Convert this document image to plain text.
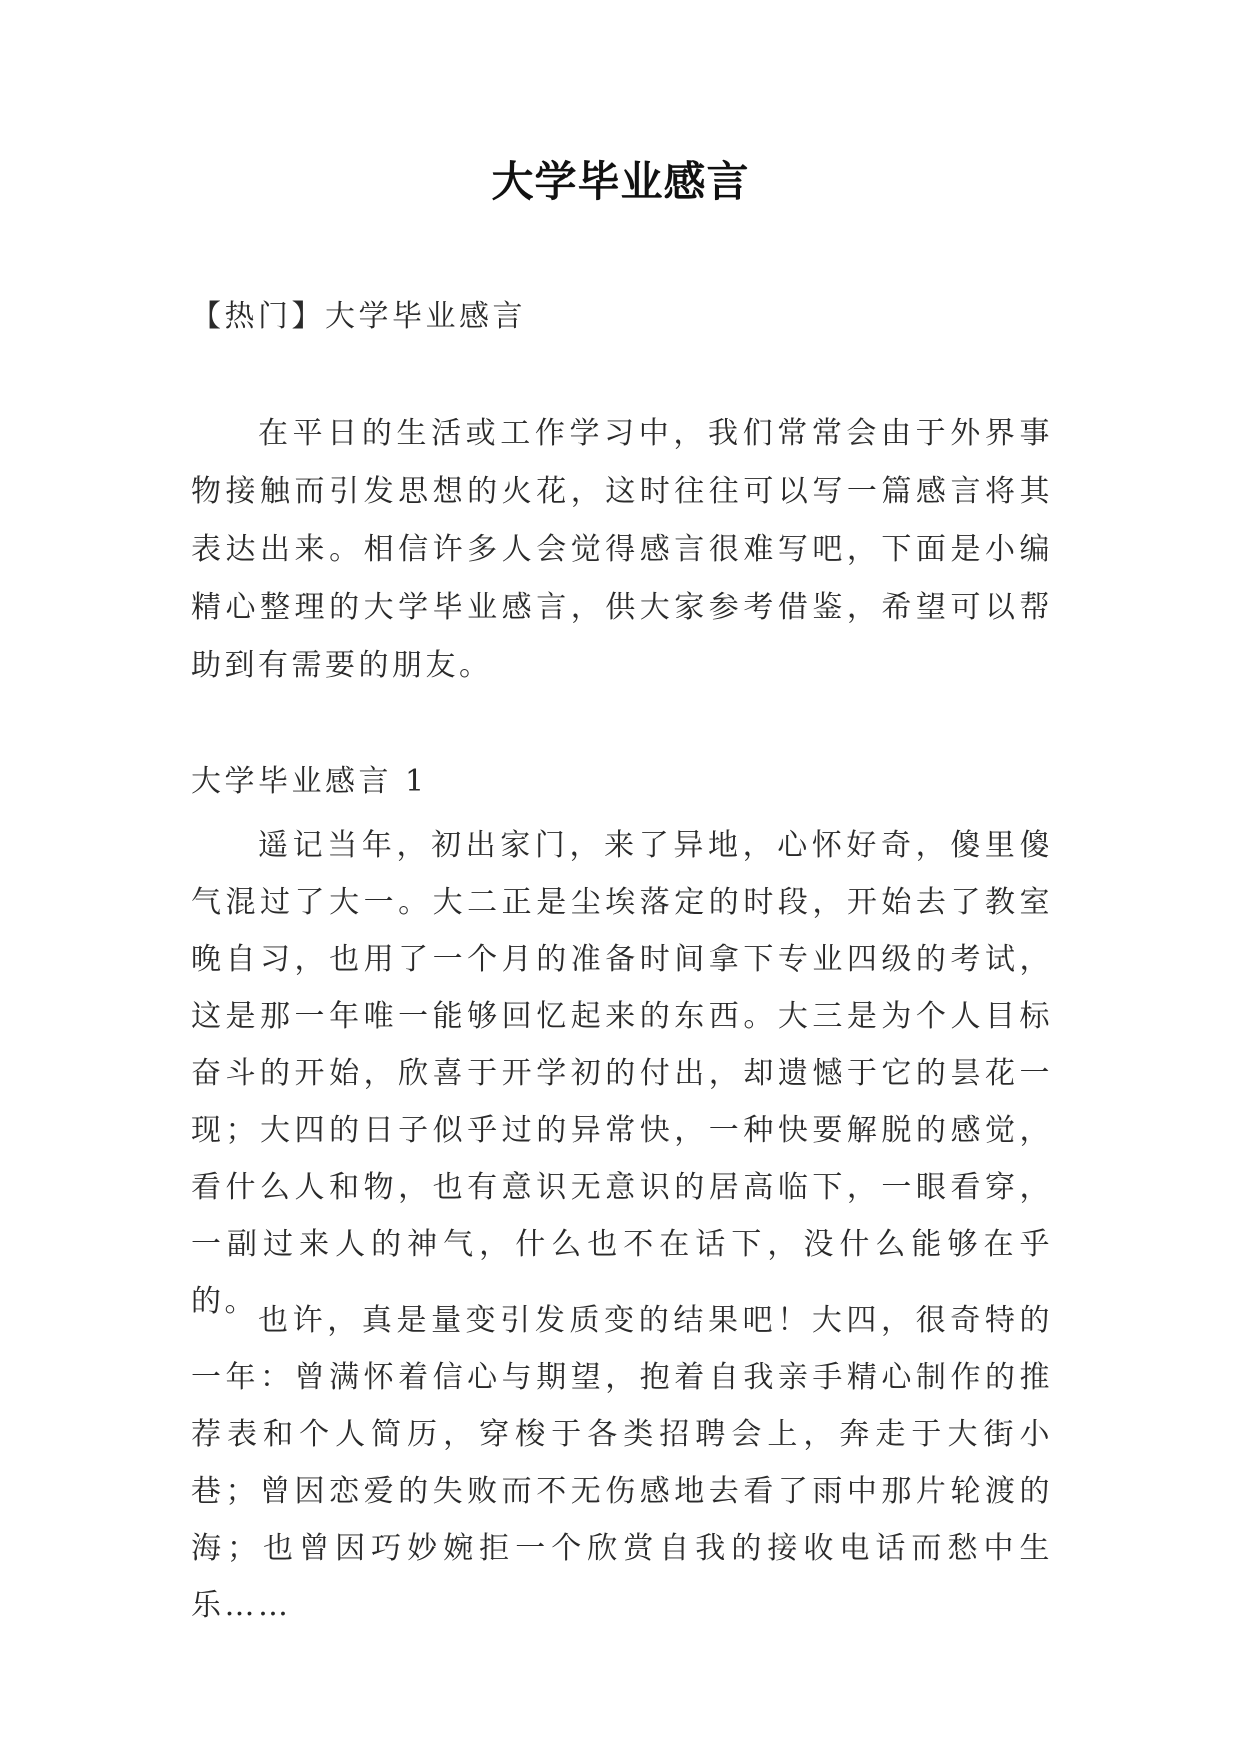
大学毕业感言

【热门】大学毕业感言

在平日的生活或工作学习中，我们常常会由于外界事物接触而引发思想的火花，这时往往可以写一篇感言将其表达出来。相信许多人会觉得感言很难写吧，下面是小编精心整理的大学毕业感言，供大家参考借鉴，希望可以帮助到有需要的朋友。

大学毕业感言 1

遥记当年，初出家门，来了异地，心怀好奇，傻里傻气混过了大一。大二正是尘埃落定的时段，开始去了教室晚自习，也用了一个月的准备时间拿下专业四级的考试，这是那一年唯一能够回忆起来的东西。大三是为个人目标奋斗的开始，欣喜于开学初的付出，却遗憾于它的昙花一现；大四的日子似乎过的异常快，一种快要解脱的感觉，看什么人和物，也有意识无意识的居高临下，一眼看穿，一副过来人的神气，什么也不在话下，没什么能够在乎的。

也许，真是量变引发质变的结果吧！大四，很奇特的一年：曾满怀着信心与期望，抱着自我亲手精心制作的推荐表和个人简历，穿梭于各类招聘会上，奔走于大街小巷；曾因恋爱的失败而不无伤感地去看了雨中那片轮渡的海；也曾因巧妙婉拒一个欣赏自我的接收电话而愁中生乐……
